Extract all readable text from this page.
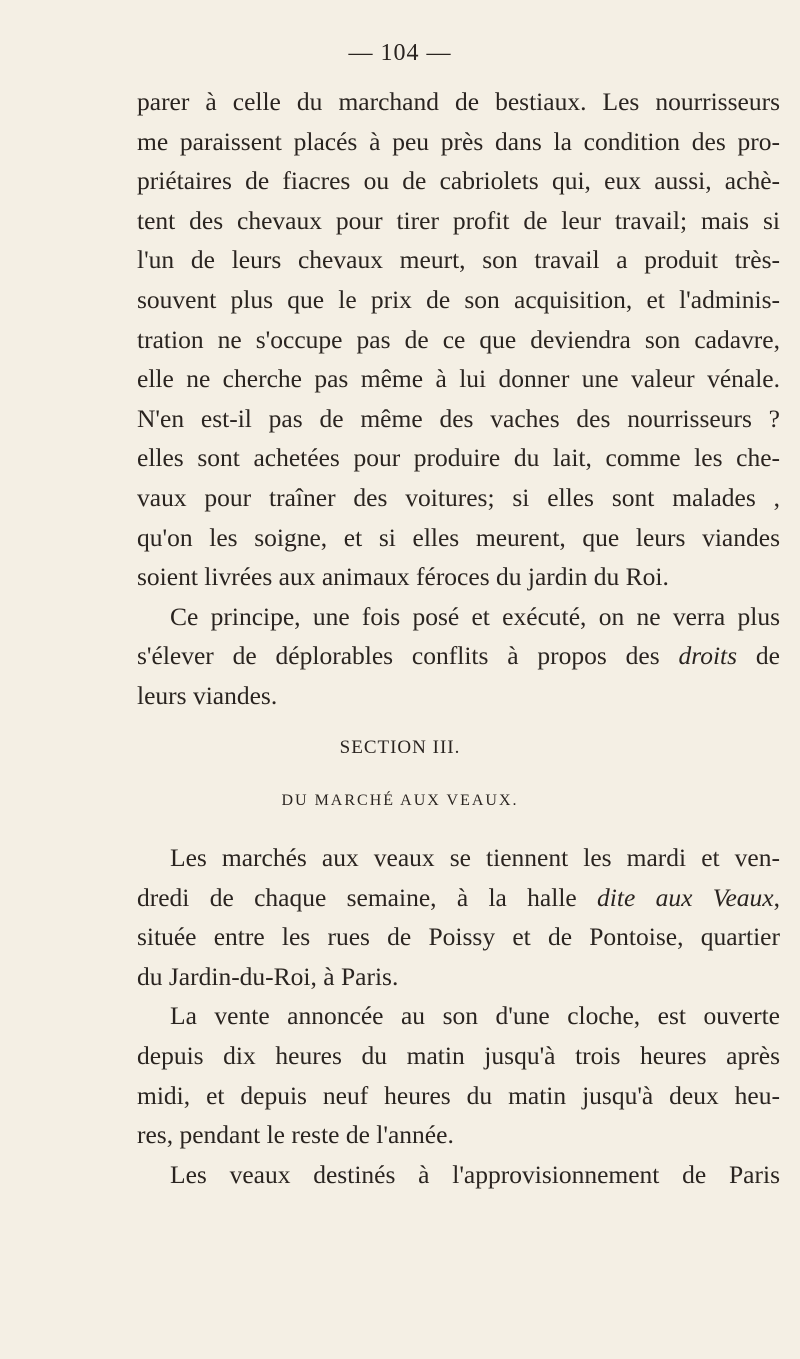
— 104 —
parer à celle du marchand de bestiaux. Les nourrisseurs
me paraissent placés à peu près dans la condition des pro-
priétaires de fiacres ou de cabriolets qui, eux aussi, achè-
tent des chevaux pour tirer profit de leur travail; mais si
l'un de leurs chevaux meurt, son travail a produit très-
souvent plus que le prix de son acquisition, et l'adminis-
tration ne s'occupe pas de ce que deviendra son cadavre,
elle ne cherche pas même à lui donner une valeur vénale.
N'en est-il pas de même des vaches des nourrisseurs ?
elles sont achetées pour produire du lait, comme les che-
vaux pour traîner des voitures; si elles sont malades ,
qu'on les soigne, et si elles meurent, que leurs viandes
soient livrées aux animaux féroces du jardin du Roi.
Ce principe, une fois posé et exécuté, on ne verra plus
s'élever de déplorables conflits à propos des droits de
leurs viandes.
SECTION III.
DU MARCHÉ AUX VEAUX.
Les marchés aux veaux se tiennent les mardi et ven-
dredi de chaque semaine, à la halle dite aux Veaux,
située entre les rues de Poissy et de Pontoise, quartier
du Jardin-du-Roi, à Paris.
La vente annoncée au son d'une cloche, est ouverte
depuis dix heures du matin jusqu'à trois heures après
midi, et depuis neuf heures du matin jusqu'à deux heu-
res, pendant le reste de l'année.
Les veaux destinés à l'approvisionnement de Paris
